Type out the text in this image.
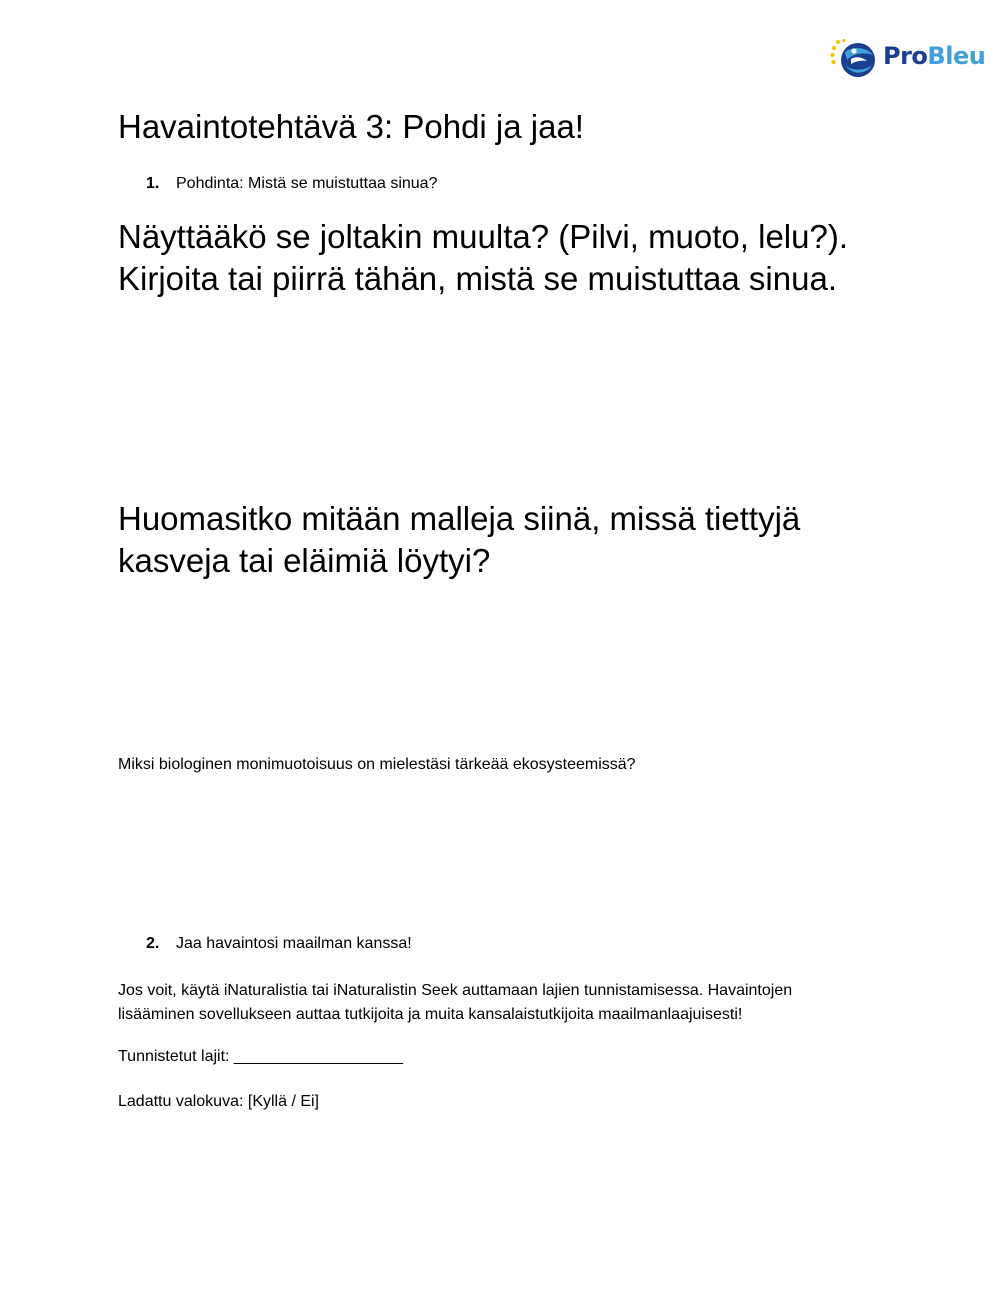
ProBleu
Havaintotehtävä 3: Pohdi ja jaa!

1. Pohdinta: Mistä se muistuttaa sinua?

Näyttääkö se joltakin muulta? (Pilvi, muoto, lelu?).
Kirjoita tai piirrä tähän, mistä se muistuttaa sinua.

Huomasitko mitään malleja siinä, missä tiettyjä
kasveja tai eläimiä löytyi?

Miksi biologinen monimuotoisuus on mielestäsi tärkeää ekosysteemissä?

2. Jaa havaintosi maailman kanssa!

Jos voit, käytä iNaturalistia tai iNaturalistin Seek auttamaan lajien tunnistamisessa. Havaintojen
lisääminen sovellukseen auttaa tutkijoita ja muita kansalaistutkijoita maailmanlaajuisesti!

Tunnistetut lajit: ___________________

Ladattu valokuva: [Kyllä / Ei]
